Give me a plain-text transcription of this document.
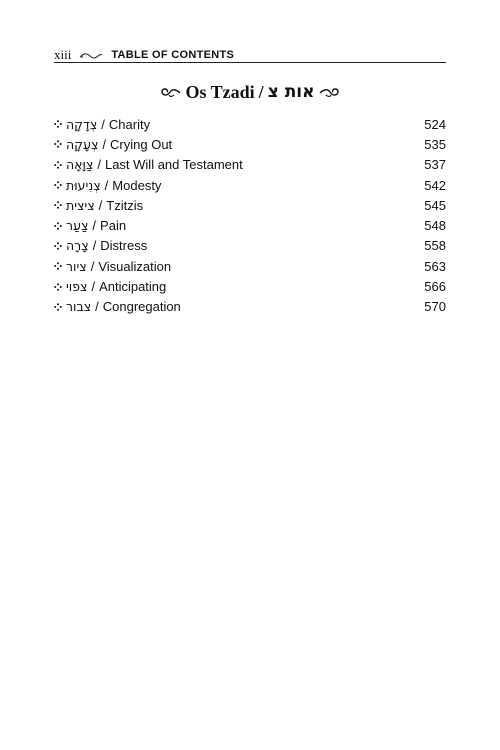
xiii	TABLE OF CONTENTS
Os Tzadi / אות צ
צְדָקָה / Charity	524
צְעָקָה / Crying Out	535
צַוָּאָה / Last Will and Testament	537
צְנִיעוּת / Modesty	542
ציצית / Tzitzis	545
צַעַר / Pain	548
צָרָה / Distress	558
ציור / Visualization	563
צפוי / Anticipating	566
צבור / Congregation	570
